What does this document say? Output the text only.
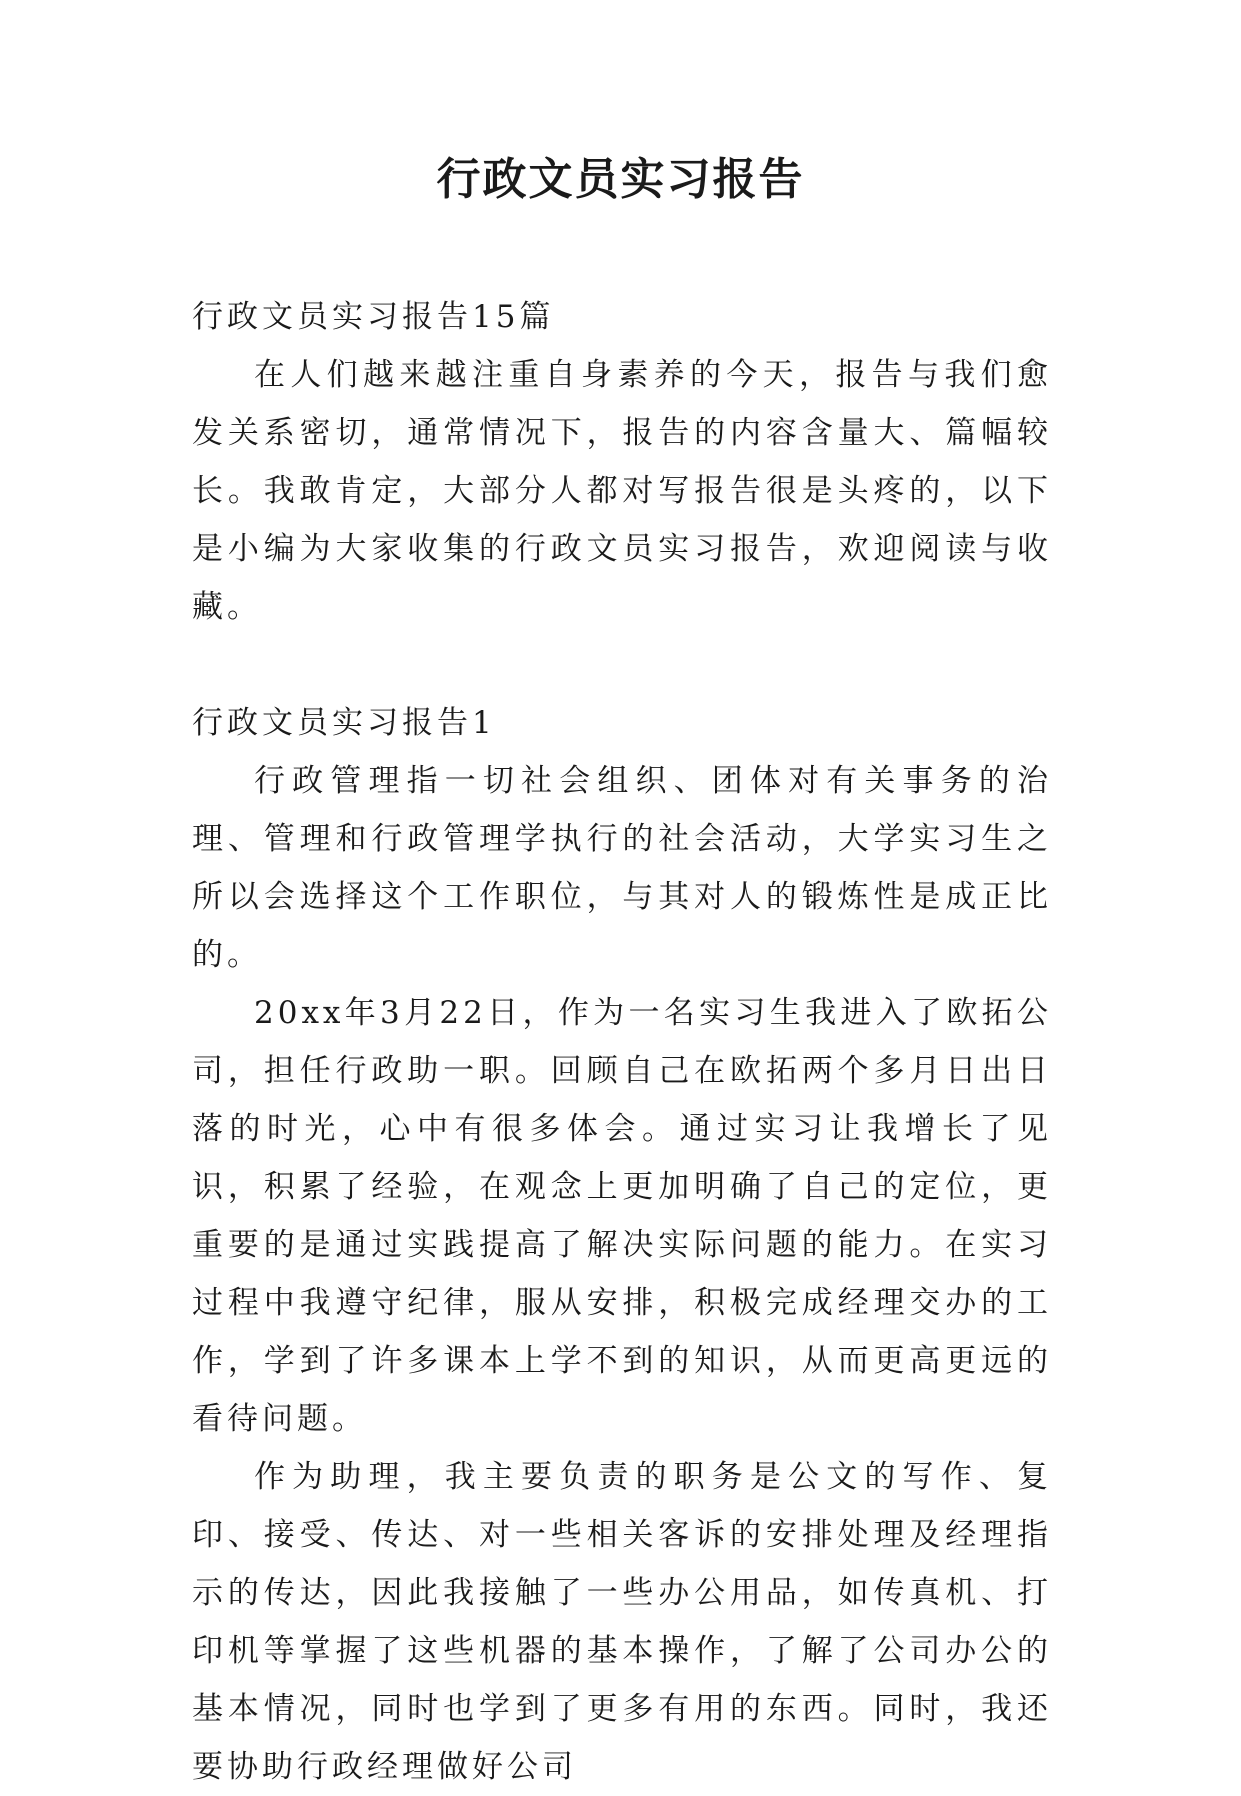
行政文员实习报告

行政文员实习报告15篇

在人们越来越注重自身素养的今天，报告与我们愈发关系密切，通常情况下，报告的内容含量大、篇幅较长。我敢肯定，大部分人都对写报告很是头疼的，以下是小编为大家收集的行政文员实习报告，欢迎阅读与收藏。

行政文员实习报告1

行政管理指一切社会组织、团体对有关事务的治理、管理和行政管理学执行的社会活动，大学实习生之所以会选择这个工作职位，与其对人的锻炼性是成正比的。

20xx年3月22日，作为一名实习生我进入了欧拓公司，担任行政助一职。回顾自己在欧拓两个多月日出日落的时光，心中有很多体会。通过实习让我增长了见识，积累了经验，在观念上更加明确了自己的定位，更重要的是通过实践提高了解决实际问题的能力。在实习过程中我遵守纪律，服从安排，积极完成经理交办的工作，学到了许多课本上学不到的知识，从而更高更远的看待问题。

作为助理，我主要负责的职务是公文的写作、复印、接受、传达、对一些相关客诉的安排处理及经理指示的传达，因此我接触了一些办公用品，如传真机、打印机等掌握了这些机器的基本操作，了解了公司办公的基本情况，同时也学到了更多有用的东西。同时，我还要协助行政经理做好公司
